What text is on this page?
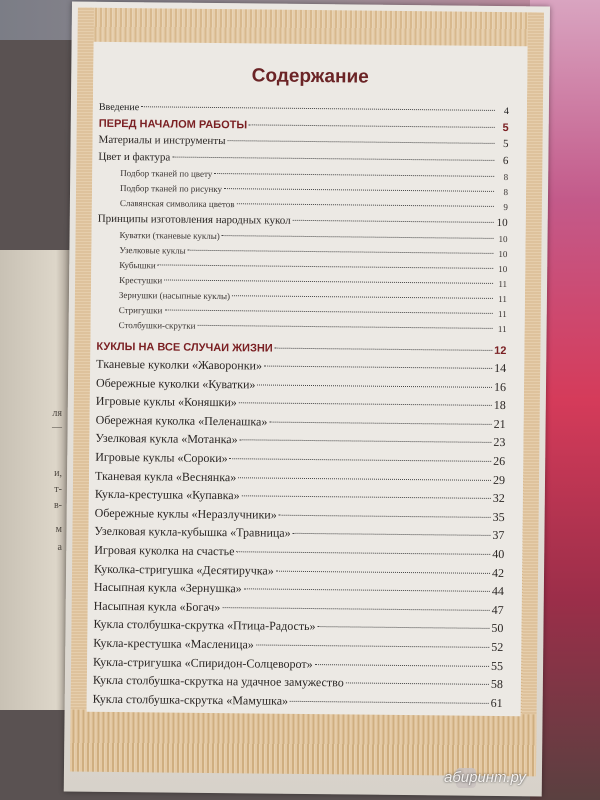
ля
—
и,
т-
в-
м
а
Содержание
Введение	4
ПЕРЕД НАЧАЛОМ РАБОТЫ	5
Материалы и инструменты	5
Цвет и фактура	6
Подбор тканей по цвету	8
Подбор тканей по рисунку	8
Славянская символика цветов	9
Принципы изготовления народных кукол	10
Куватки (тканевые куклы)	10
Узелковые куклы	10
Кубышки	10
Крестушки	11
Зернушки (насыпные куклы)	11
Стригушки	11
Столбушки-скрутки	11
КУКЛЫ НА ВСЕ СЛУЧАИ ЖИЗНИ	12
Тканевые куколки «Жаворонки»	14
Обережные куколки «Куватки»	16
Игровые куклы «Коняшки»	18
Обережная куколка «Пеленашка»	21
Узелковая кукла «Мотанка»	23
Игровые куклы «Сороки»	26
Тканевая кукла «Веснянка»	29
Кукла-крестушка «Купавка»	32
Обережные куклы «Неразлучники»	35
Узелковая кукла-кубышка «Травница»	37
Игровая куколка на счастье	40
Куколка-стригушка «Десятиручка»	42
Насыпная кукла «Зернушка»	44
Насыпная кукла «Богач»	47
Кукла столбушка-скрутка «Птица-Радость»	50
Кукла-крестушка «Масленица»	52
Кукла-стригушка «Спиридон-Солцеворот»	55
Кукла столбушка-скрутка на удачное замужество	58
Кукла столбушка-скрутка «Мамушка»	61
абиринт.ру
